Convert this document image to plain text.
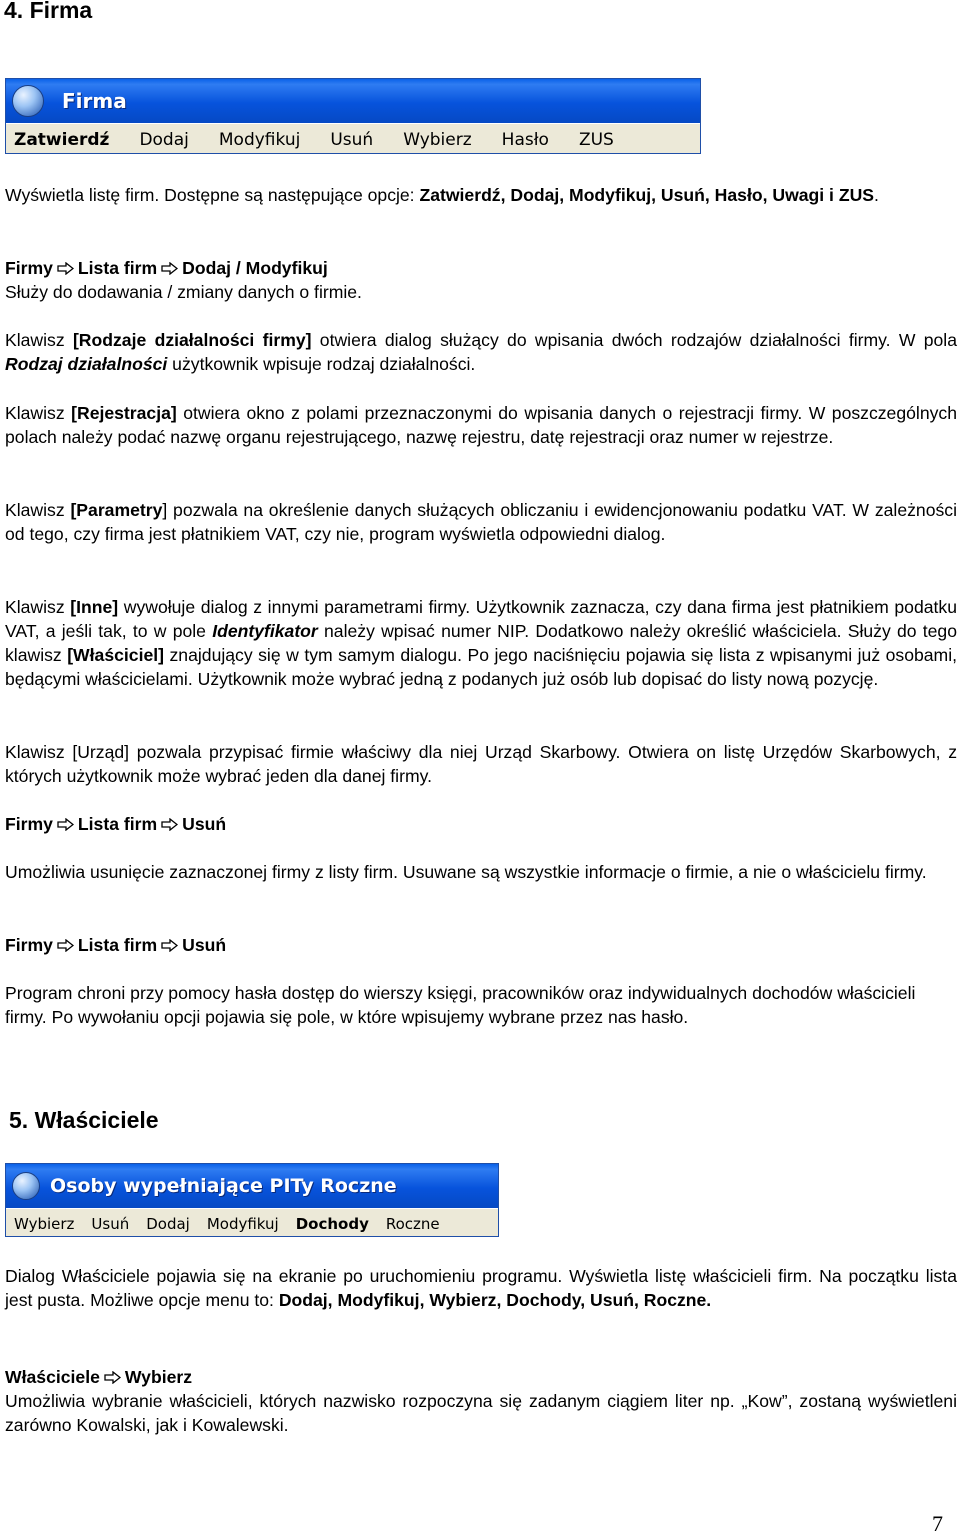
4. Firma
Firma
Zatwierdź Dodaj Modyfikuj Usuń Wybierz Hasło ZUS

Wyświetla listę firm. Dostępne są następujące opcje: Zatwierdź, Dodaj, Modyfikuj, Usuń, Hasło, Uwagi i ZUS.

Firmy Lista firm Dodaj / Modyfikuj
Służy do dodawania / zmiany danych o firmie.

Klawisz [Rodzaje działalności firmy] otwiera dialog służący do wpisania dwóch rodzajów działalności firmy. W pola Rodzaj działalności użytkownik wpisuje rodzaj działalności.

Klawisz [Rejestracja] otwiera okno z polami przeznaczonymi do wpisania danych o rejestracji firmy. W poszczególnych polach należy podać nazwę organu rejestrującego, nazwę rejestru, datę rejestracji oraz numer w rejestrze.

Klawisz [Parametry] pozwala na określenie danych służących obliczaniu i ewidencjonowaniu podatku VAT. W zależności od tego, czy firma jest płatnikiem VAT, czy nie, program wyświetla odpowiedni dialog.

Klawisz [Inne] wywołuje dialog z innymi parametrami firmy. Użytkownik zaznacza, czy dana firma jest płatnikiem podatku VAT, a jeśli tak, to w pole Identyfikator należy wpisać numer NIP. Dodatkowo należy określić właściciela. Służy do tego klawisz [Właściciel] znajdujący się w tym samym dialogu. Po jego naciśnięciu pojawia się lista z wpisanymi już osobami, będącymi właścicielami. Użytkownik może wybrać jedną z podanych już osób lub dopisać do listy nową pozycję.

Klawisz [Urząd] pozwala przypisać firmie właściwy dla niej Urząd Skarbowy. Otwiera on listę Urzędów Skarbowych, z których użytkownik może wybrać jeden dla danej firmy.

Firmy Lista firm Usuń

Umożliwia usunięcie zaznaczonej firmy z listy firm. Usuwane są wszystkie informacje o firmie, a nie o właścicielu firmy.

Firmy Lista firm Usuń

Program chroni przy pomocy hasła dostęp do wierszy księgi, pracowników oraz indywidualnych dochodów właścicieli firmy. Po wywołaniu opcji pojawia się pole, w które wpisujemy wybrane przez nas hasło.

5. Właściciele
Osoby wypełniające PITy Roczne
Wybierz Usuń Dodaj Modyfikuj Dochody Roczne

Dialog Właściciele pojawia się na ekranie po uruchomieniu programu. Wyświetla listę właścicieli firm. Na początku lista jest pusta. Możliwe opcje menu to: Dodaj, Modyfikuj, Wybierz, Dochody, Usuń, Roczne.

Właściciele Wybierz
Umożliwia wybranie właścicieli, których nazwisko rozpoczyna się zadanym ciągiem liter np. „Kow”, zostaną wyświetleni zarówno Kowalski, jak i Kowalewski.

7
